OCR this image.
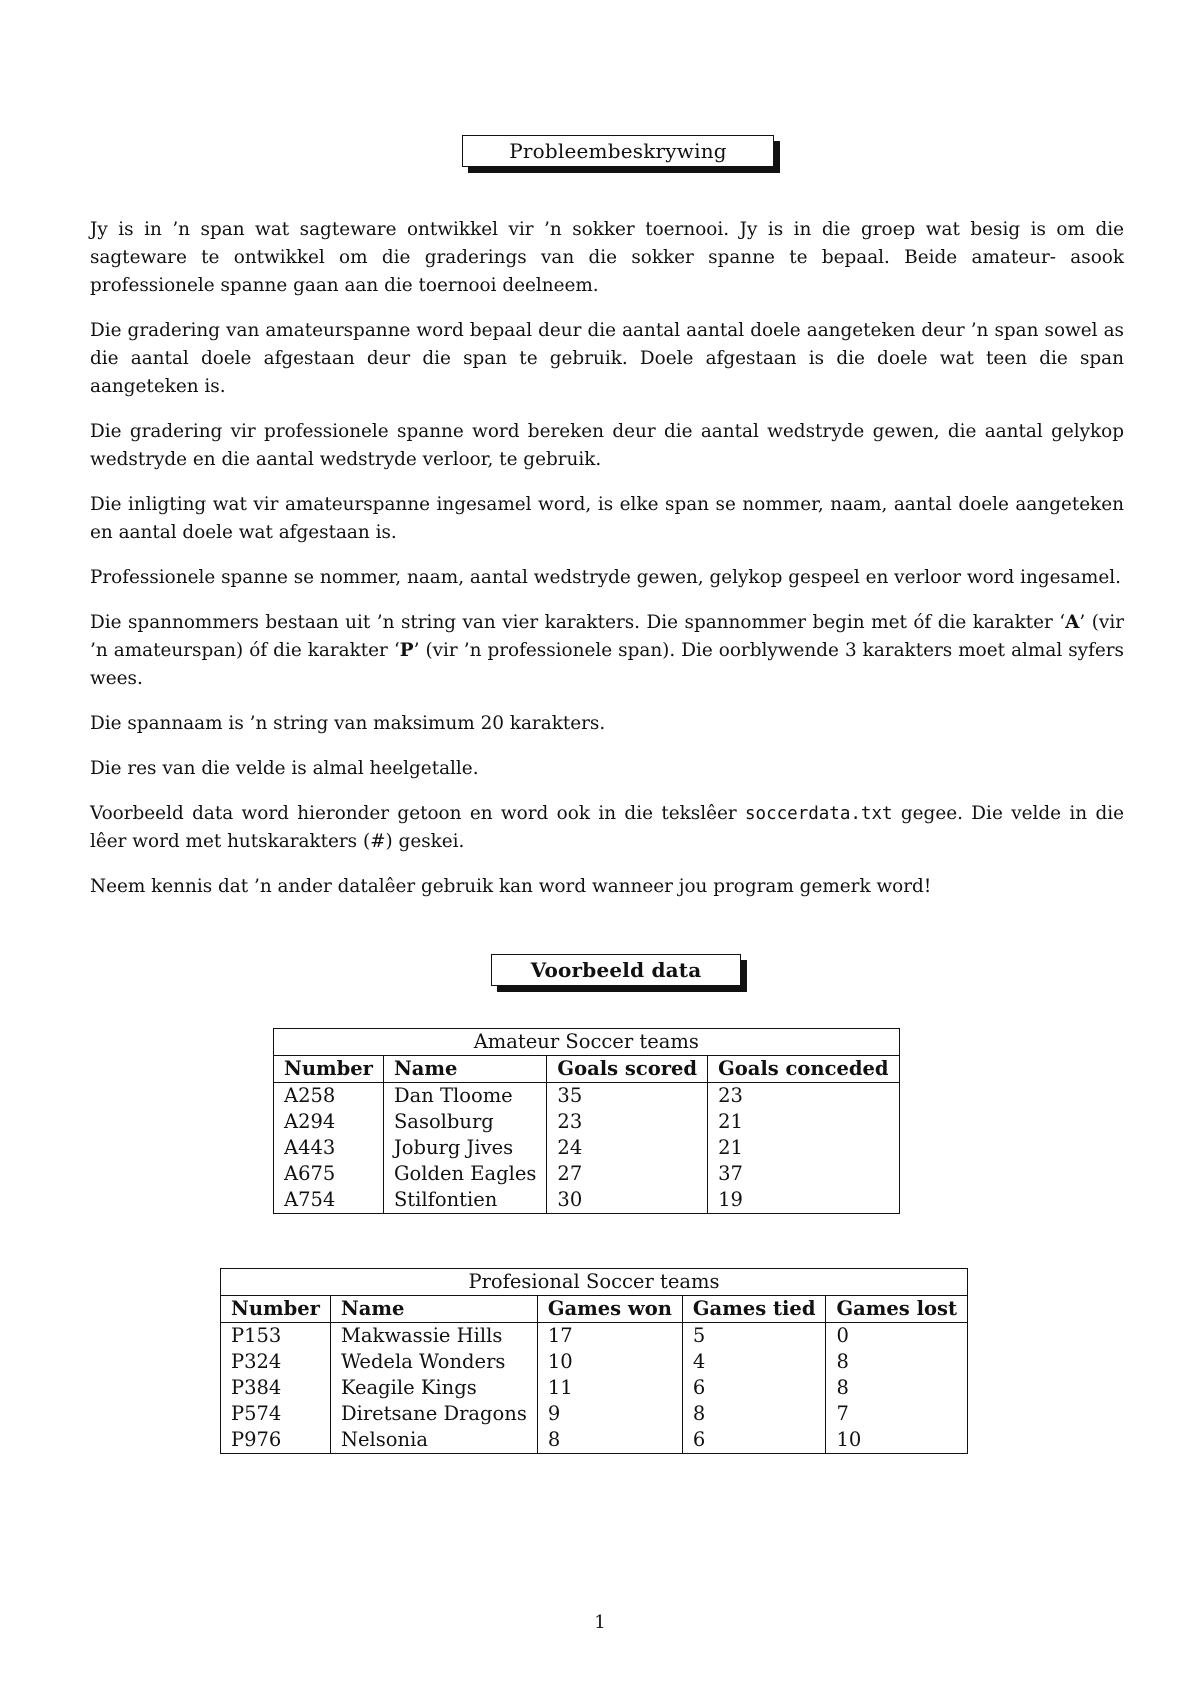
Probleembeskrywing

Jy is in ’n span wat sagteware ontwikkel vir ’n sokker toernooi. Jy is in die groep wat besig is om die sagteware te ontwikkel om die graderings van die sokker spanne te bepaal. Beide amateur- asook professionele spanne gaan aan die toernooi deelneem.

Die gradering van amateurspanne word bepaal deur die aantal aantal doele aangeteken deur ’n span sowel as die aantal doele afgestaan deur die span te gebruik. Doele afgestaan is die doele wat teen die span aangeteken is.

Die gradering vir professionele spanne word bereken deur die aantal wedstryde gewen, die aantal gelykop wedstryde en die aantal wedstryde verloor, te gebruik.

Die inligting wat vir amateurspanne ingesamel word, is elke span se nommer, naam, aantal doele aangeteken en aantal doele wat afgestaan is.

Professionele spanne se nommer, naam, aantal wedstryde gewen, gelykop gespeel en verloor word ingesamel.

Die spannommers bestaan uit ’n string van vier karakters. Die spannommer begin met óf die karakter ‘A’ (vir ’n amateurspan) óf die karakter ‘P’ (vir ’n professionele span). Die oorblywende 3 karakters moet almal syfers wees.

Die spannaam is ’n string van maksimum 20 karakters.

Die res van die velde is almal heelgetalle.

Voorbeeld data word hieronder getoon en word ook in die tekslêer soccerdata.txt gegee. Die velde in die lêer word met hutskarakters (#) geskei.

Neem kennis dat ’n ander datalêer gebruik kan word wanneer jou program gemerk word!

Voorbeeld data
Amateur Soccer teams			
Number	Name	Goals scored	Goals conceded
A258	Dan Tloome	35	23
A294	Sasolburg	23	21
A443	Joburg Jives	24	21
A675	Golden Eagles	27	37
A754	Stilfontien	30	19
Profesional Soccer teams				
Number	Name	Games won	Games tied	Games lost
P153	Makwassie Hills	17	5	0
P324	Wedela Wonders	10	4	8
P384	Keagile Kings	11	6	8
P574	Diretsane Dragons	9	8	7
P976	Nelsonia	8	6	10
1
